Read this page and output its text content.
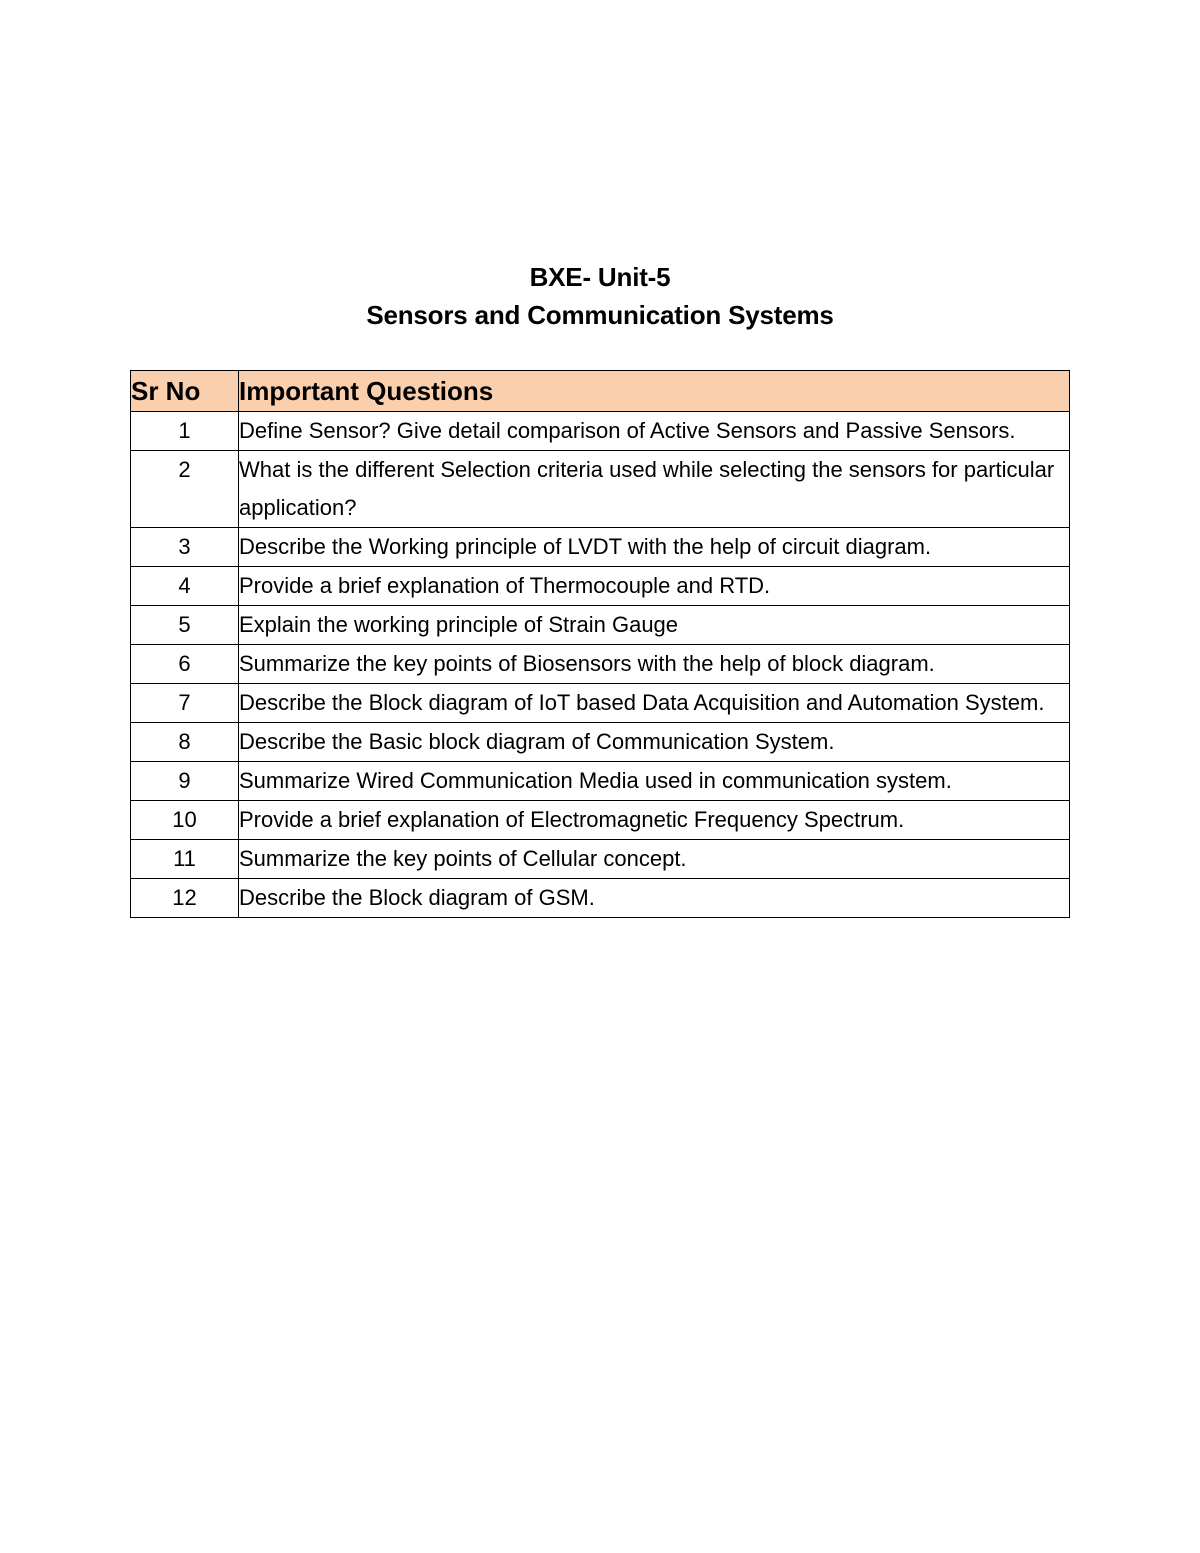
BXE- Unit-5
Sensors and Communication Systems
Sr No	Important Questions
1	Define Sensor? Give detail comparison of Active Sensors and Passive Sensors.
2	What is the different Selection criteria used while selecting the sensors for particular application?
3	Describe the Working principle of LVDT with the help of circuit diagram.
4	Provide a brief explanation of Thermocouple and RTD.
5	Explain the working principle of Strain Gauge
6	Summarize the key points of Biosensors with the help of block diagram.
7	Describe the Block diagram of IoT based Data Acquisition and Automation System.
8	Describe the Basic block diagram of Communication System.
9	Summarize Wired Communication Media used in communication system.
10	Provide a brief explanation of Electromagnetic Frequency Spectrum.
11	Summarize the key points of Cellular concept.
12	Describe the Block diagram of GSM.
